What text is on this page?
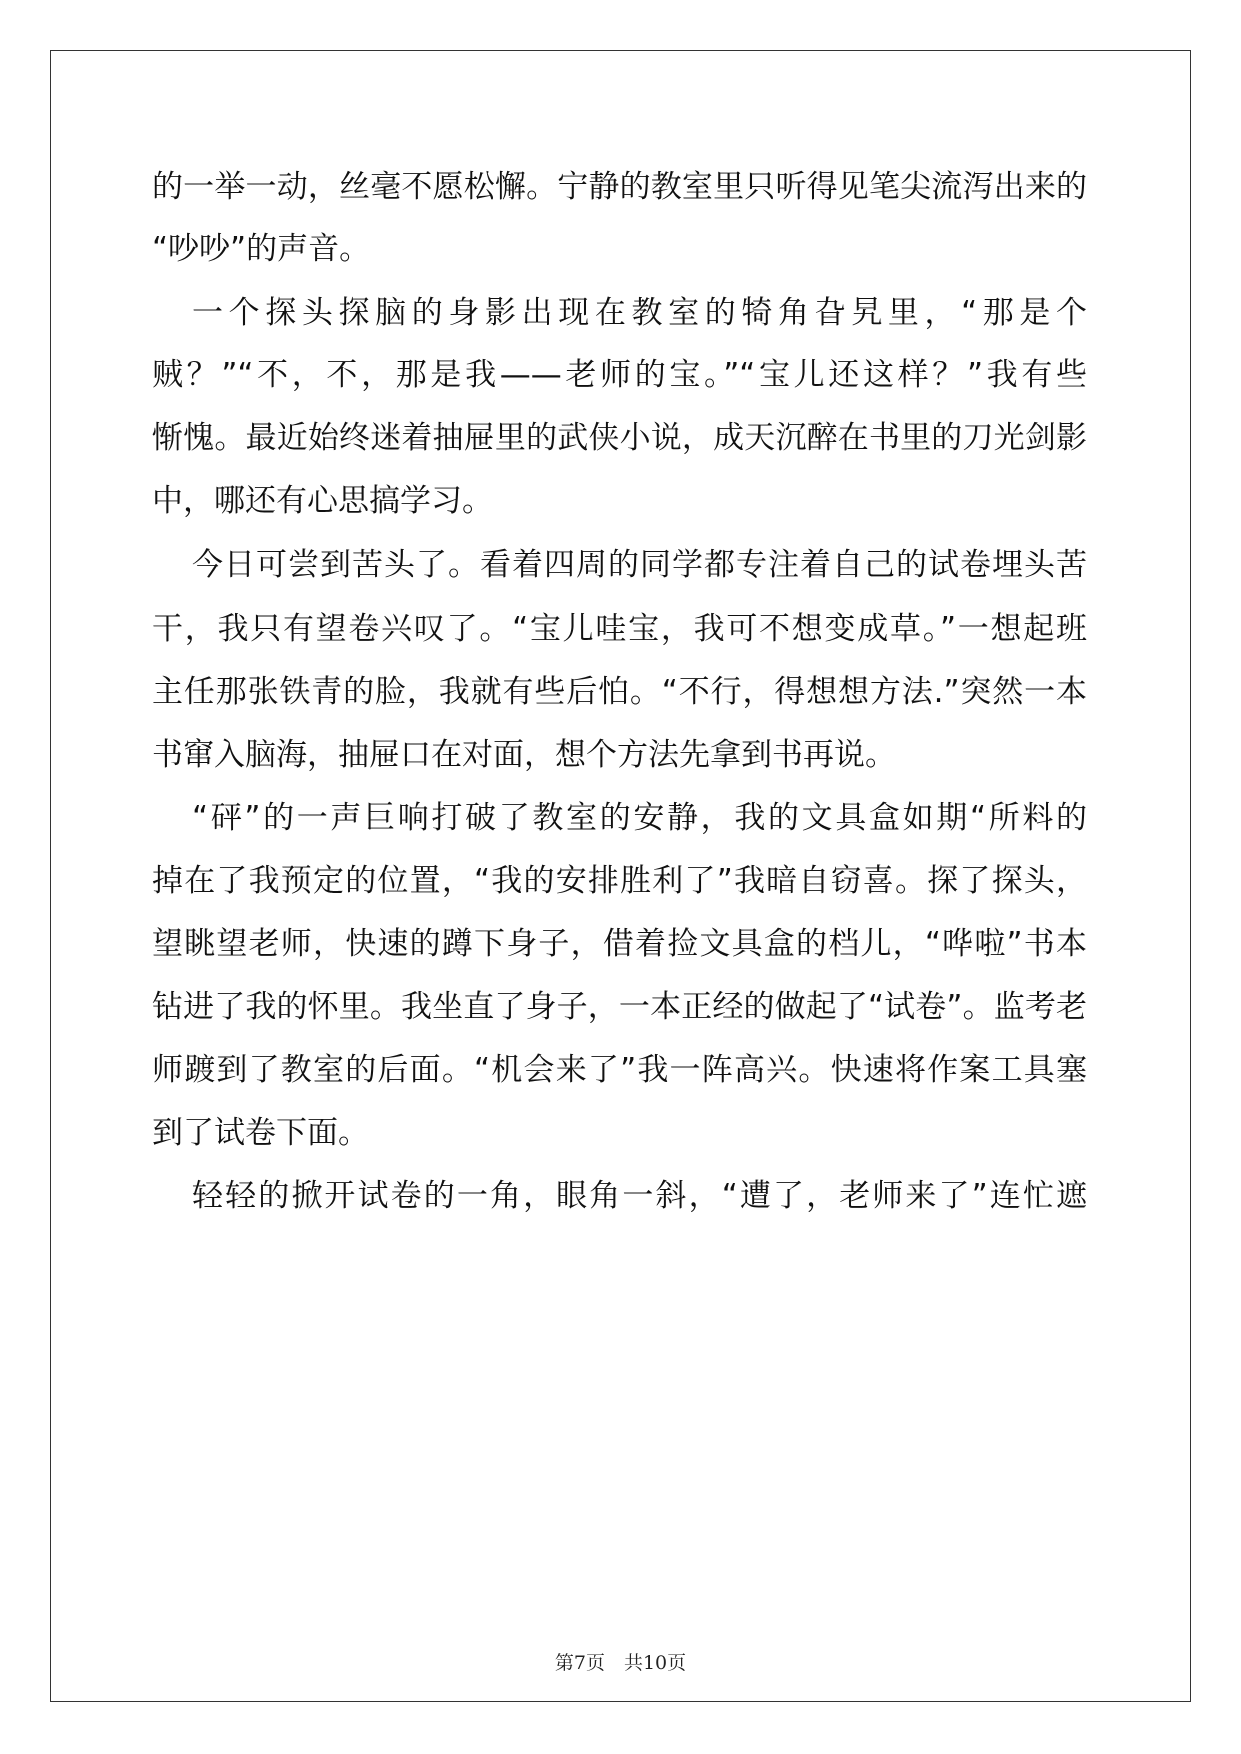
的一举一动，丝毫不愿松懈。宁静的教室里只听得见笔尖流泻出来的
“吵吵”的声音。
一个探头探脑的身影出现在教室的犄角旮旯里，“那是个
贼？”“不，不，那是我——老师的宝。”“宝儿还这样？”我有些
惭愧。最近始终迷着抽屉里的武侠小说，成天沉醉在书里的刀光剑影
中，哪还有心思搞学习。
今日可尝到苦头了。看着四周的同学都专注着自己的试卷埋头苦
干，我只有望卷兴叹了。“宝儿哇宝，我可不想变成草。”一想起班
主任那张铁青的脸，我就有些后怕。“不行，得想想方法.”突然一本
书窜入脑海，抽屉口在对面，想个方法先拿到书再说。
“砰”的一声巨响打破了教室的安静，我的文具盒如期“所料的
掉在了我预定的位置，“我的安排胜利了”我暗自窃喜。探了探头，
望眺望老师，快速的蹲下身子，借着捡文具盒的档儿，“哗啦”书本
钻进了我的怀里。我坐直了身子，一本正经的做起了“试卷”。监考老
师踱到了教室的后面。“机会来了”我一阵高兴。快速将作案工具塞
到了试卷下面。
轻轻的掀开试卷的一角，眼角一斜，“遭了，老师来了”连忙遮
第7页　共10页
